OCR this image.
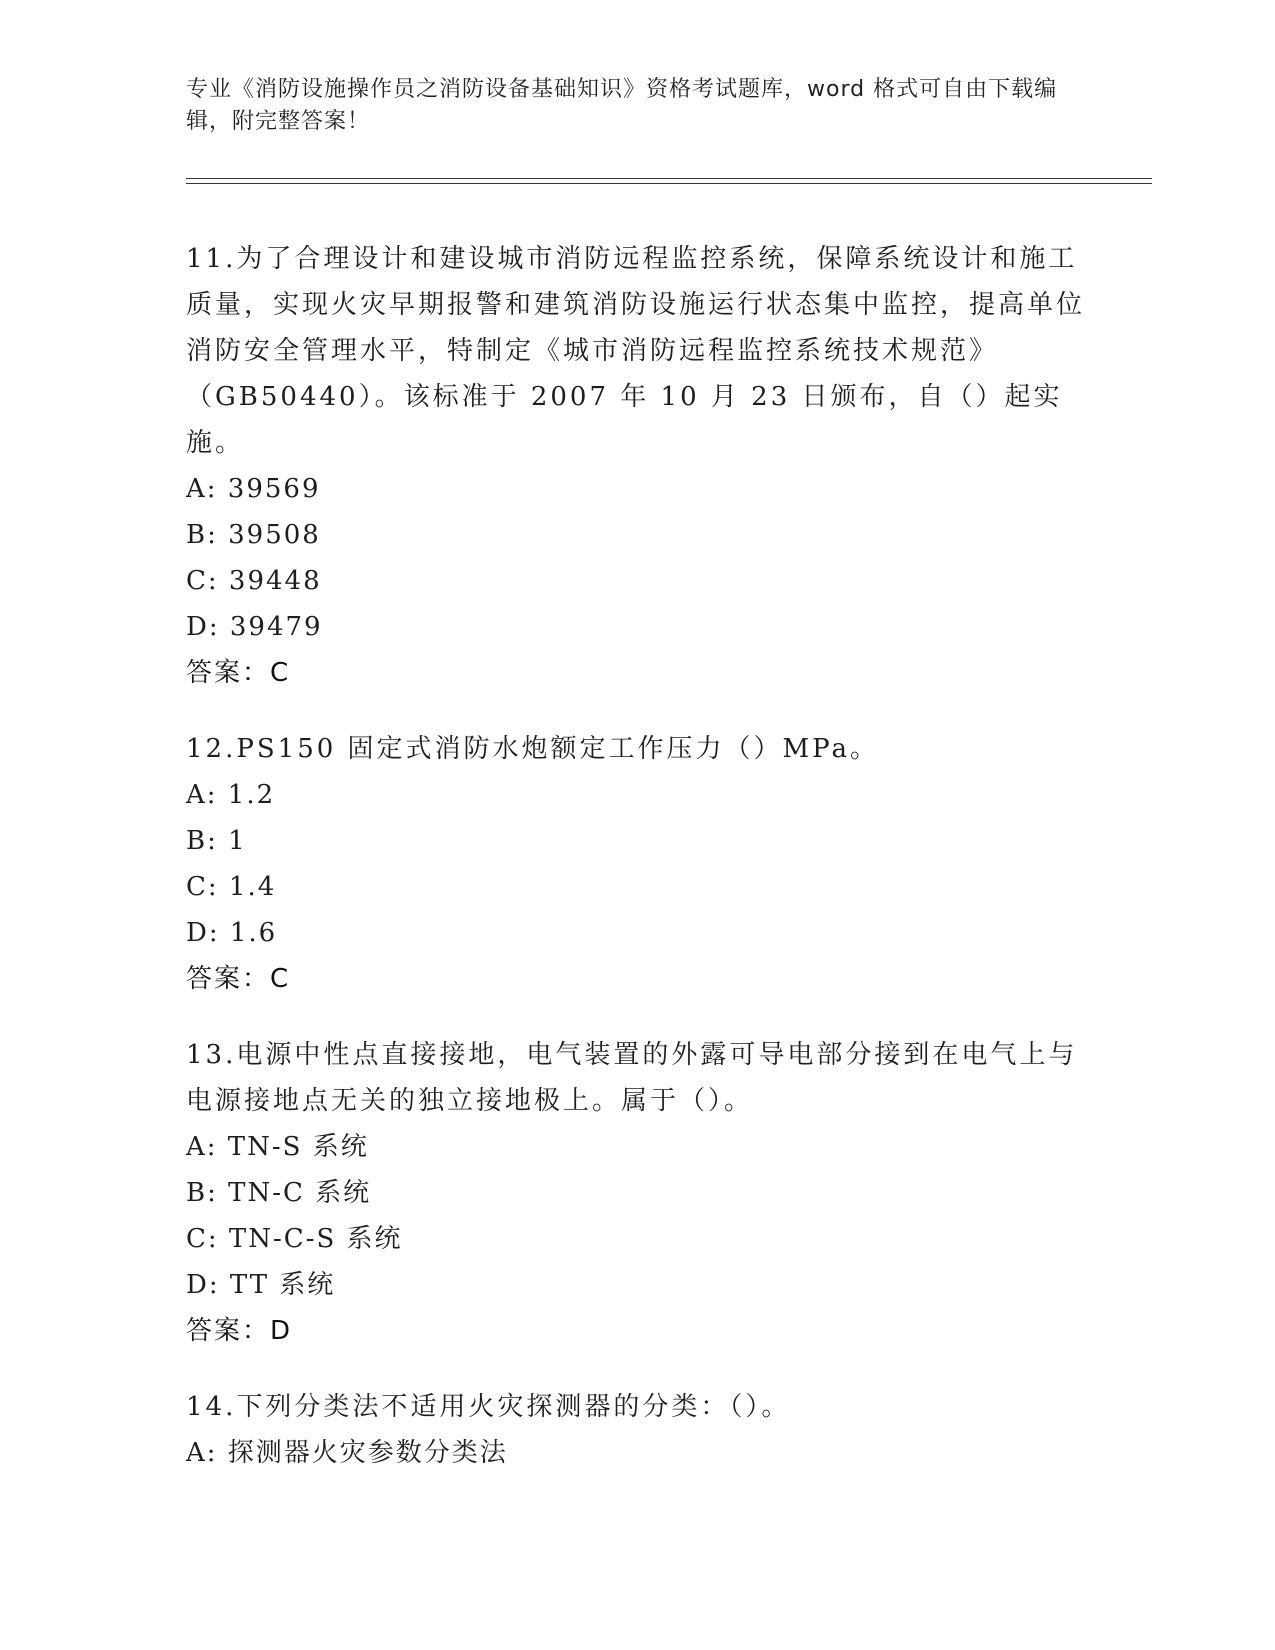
专业《消防设施操作员之消防设备基础知识》资格考试题库，word 格式可自由下载编辑，附完整答案！

11.为了合理设计和建设城市消防远程监控系统，保障系统设计和施工质量，实现火灾早期报警和建筑消防设施运行状态集中监控，提高单位消防安全管理水平，特制定《城市消防远程监控系统技术规范》（GB50440）。该标准于 2007 年 10 月 23 日颁布，自（）起实施。

A: 39569

B: 39508

C: 39448

D: 39479

答案：C

12.PS150 固定式消防水炮额定工作压力（）MPa。

A: 1.2

B: 1

C: 1.4

D: 1.6

答案：C

13.电源中性点直接接地，电气装置的外露可导电部分接到在电气上与电源接地点无关的独立接地极上。属于（）。

A: TN-S 系统

B: TN-C 系统

C: TN-C-S 系统

D: TT 系统

答案：D

14.下列分类法不适用火灾探测器的分类：（）。

A: 探测器火灾参数分类法
